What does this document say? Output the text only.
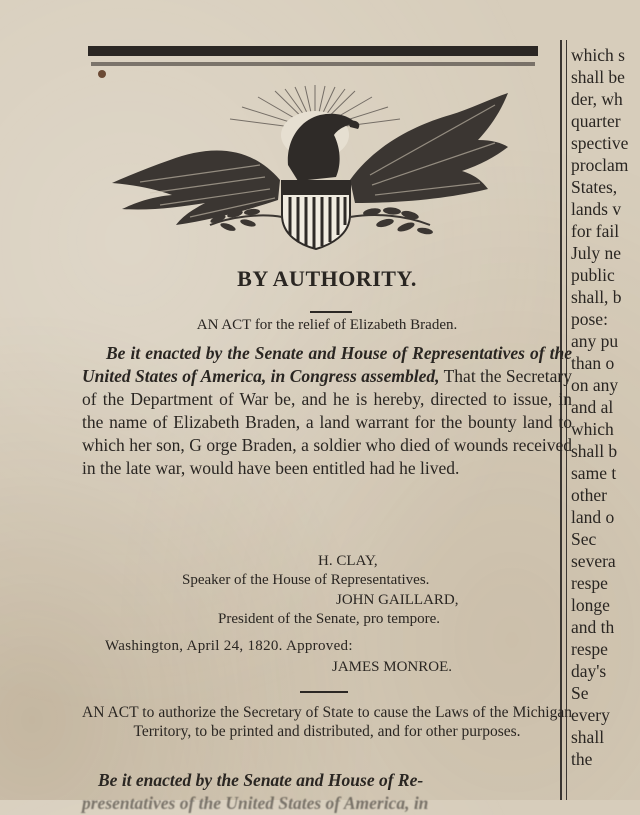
BY AUTHORITY.
AN ACT for the relief of Elizabeth Braden.
Be it enacted by the Senate and House of Representatives of the United States of America, in Congress assembled, That the Secretary of the Department of War be, and he is hereby, directed to issue, in the name of Elizabeth Braden, a land warrant for the bounty land to which her son, G orge Braden, a soldier who died of wounds received in the late war, would have been entitled had he lived.
H. CLAY,
Speaker of the House of Representatives.
JOHN GAILLARD,
President of the Senate, pro tempore.
Washington, April 24, 1820. Approved:
JAMES MONROE.
AN ACT to authorize the Secretary of State to cause the Laws of the Michigan Territory, to be printed and distributed, and for other purposes.
Be it enacted by the Senate and House of Re-
presentatives of the United States of America, in
which s
shall be
der, wh
quarter
spective
proclam
States,
lands v
for fail
July ne
public
shall, b
pose:
any pu
than o
on any
and al
which
shall b
same t
other
land o
Sec
severa
respe
longe
and th
respe
day's
Se
every
shall
the
